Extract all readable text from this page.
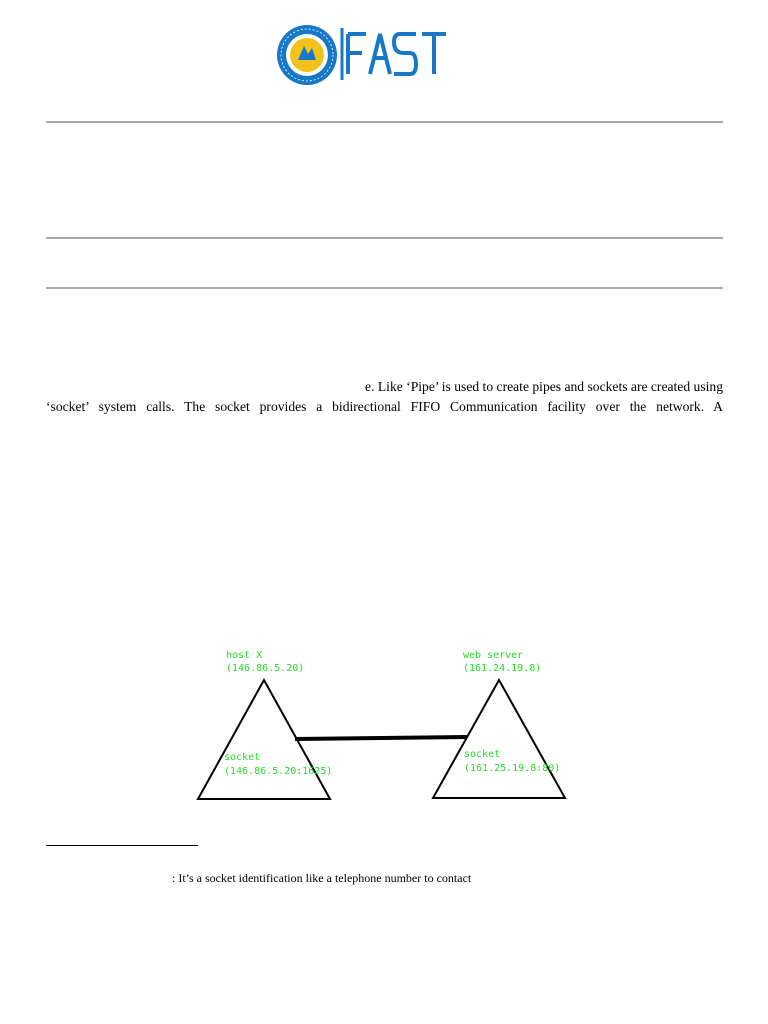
e. Like ‘Pipe’ is used to create pipes and sockets are created using
‘socket’ system calls. The socket provides a bidirectional FIFO Communication facility over the network. A
host X
(146.86.5.20)
web server
(161.24.19.8)
socket
(146.86.5.20:1625)
socket
(161.25.19.8:80)
: It’s a socket identification like a telephone number to contact
